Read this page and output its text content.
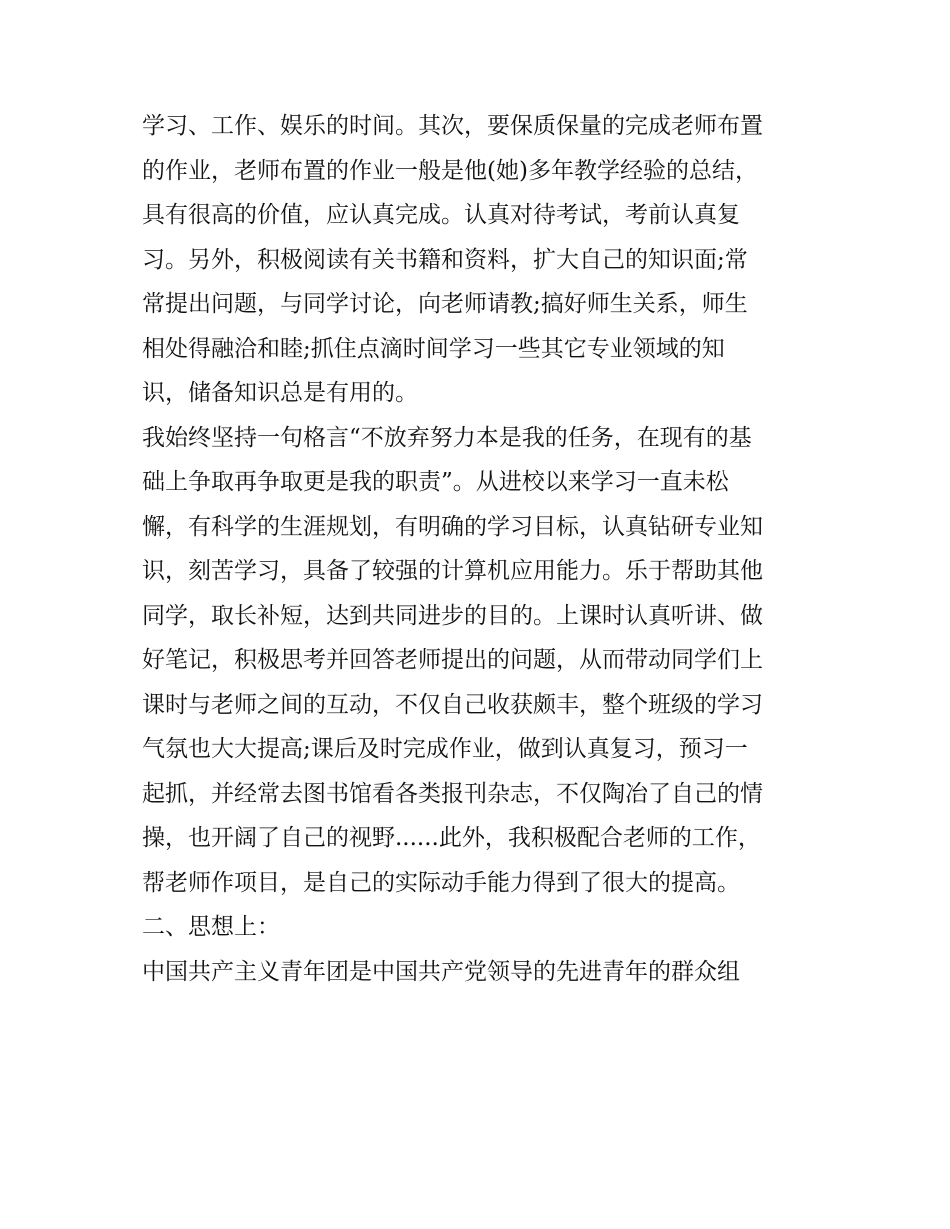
学习、工作、娱乐的时间。其次，要保质保量的完成老师布置
的作业，老师布置的作业一般是他(她)多年教学经验的总结，
具有很高的价值，应认真完成。认真对待考试，考前认真复
习。另外，积极阅读有关书籍和资料，扩大自己的知识面;常
常提出问题，与同学讨论，向老师请教;搞好师生关系，师生
相处得融洽和睦;抓住点滴时间学习一些其它专业领域的知
识，储备知识总是有用的。
我始终坚持一句格言“不放弃努力本是我的任务，在现有的基
础上争取再争取更是我的职责”。从进校以来学习一直未松
懈，有科学的生涯规划，有明确的学习目标，认真钻研专业知
识，刻苦学习，具备了较强的计算机应用能力。乐于帮助其他
同学，取长补短，达到共同进步的目的。上课时认真听讲、做
好笔记，积极思考并回答老师提出的问题，从而带动同学们上
课时与老师之间的互动，不仅自己收获颇丰，整个班级的学习
气氛也大大提高;课后及时完成作业，做到认真复习，预习一
起抓，并经常去图书馆看各类报刊杂志，不仅陶冶了自己的情
操，也开阔了自己的视野......此外，我积极配合老师的工作，
帮老师作项目，是自己的实际动手能力得到了很大的提高。
二、思想上：
中国共产主义青年团是中国共产党领导的先进青年的群众组
